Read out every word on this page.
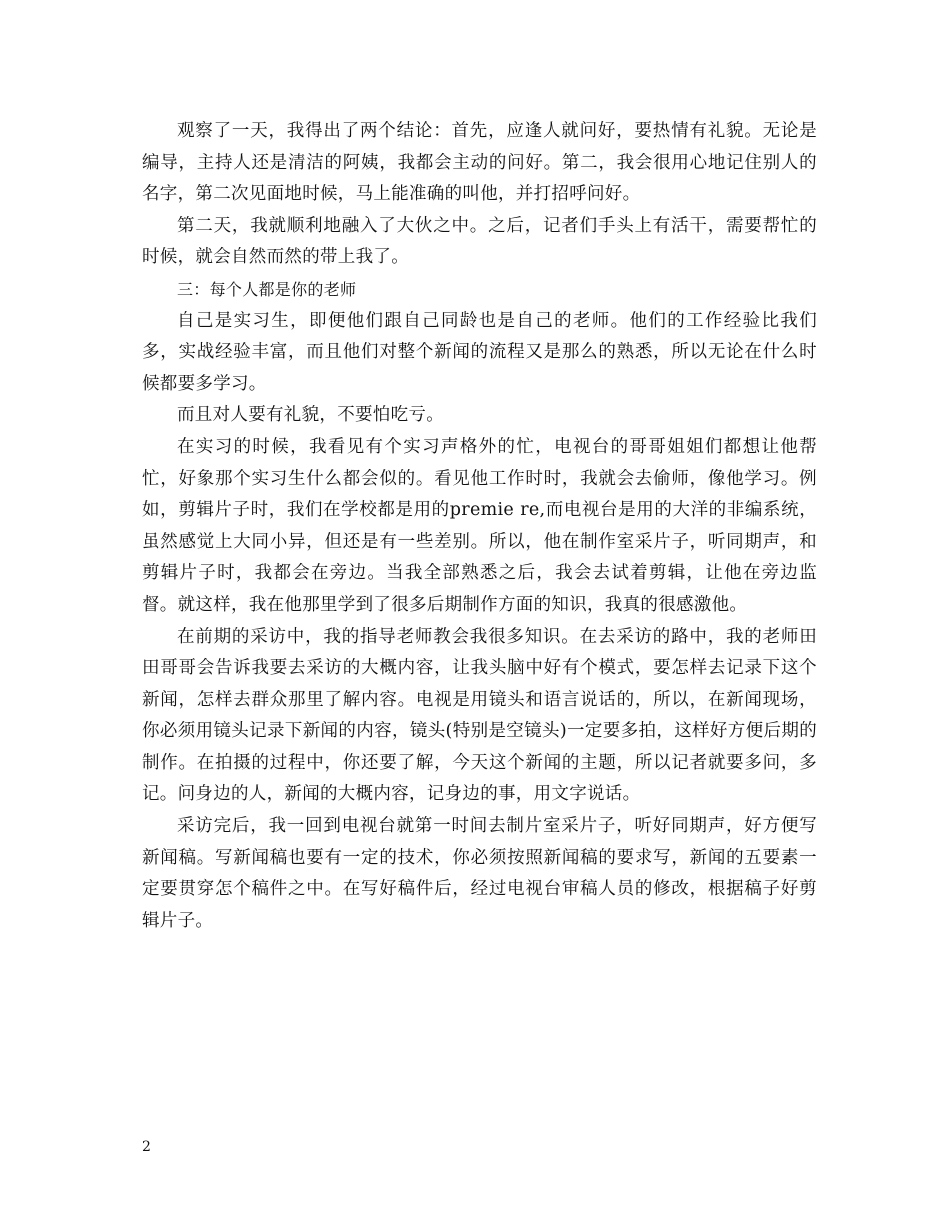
观察了一天，我得出了两个结论：首先，应逢人就问好，要热情有礼貌。无论是编导，主持人还是清洁的阿姨，我都会主动的问好。第二，我会很用心地记住别人的名字，第二次见面地时候，马上能准确的叫他，并打招呼问好。

第二天，我就顺利地融入了大伙之中。之后，记者们手头上有活干，需要帮忙的时候，就会自然而然的带上我了。

三：每个人都是你的老师

自己是实习生，即便他们跟自己同龄也是自己的老师。他们的工作经验比我们多，实战经验丰富，而且他们对整个新闻的流程又是那么的熟悉，所以无论在什么时候都要多学习。

而且对人要有礼貌，不要怕吃亏。

在实习的时候，我看见有个实习声格外的忙，电视台的哥哥姐姐们都想让他帮忙，好象那个实习生什么都会似的。看见他工作时时，我就会去偷师，像他学习。例如，剪辑片子时，我们在学校都是用的premie re,而电视台是用的大洋的非编系统，虽然感觉上大同小异，但还是有一些差别。所以，他在制作室采片子，听同期声，和剪辑片子时，我都会在旁边。当我全部熟悉之后，我会去试着剪辑，让他在旁边监督。就这样，我在他那里学到了很多后期制作方面的知识，我真的很感激他。

在前期的采访中，我的指导老师教会我很多知识。在去采访的路中，我的老师田田哥哥会告诉我要去采访的大概内容，让我头脑中好有个模式，要怎样去记录下这个新闻，怎样去群众那里了解内容。电视是用镜头和语言说话的，所以，在新闻现场，你必须用镜头记录下新闻的内容，镜头(特别是空镜头)一定要多拍，这样好方便后期的制作。在拍摄的过程中，你还要了解，今天这个新闻的主题，所以记者就要多问，多记。问身边的人，新闻的大概内容，记身边的事，用文字说话。

采访完后，我一回到电视台就第一时间去制片室采片子，听好同期声，好方便写新闻稿。写新闻稿也要有一定的技术，你必须按照新闻稿的要求写，新闻的五要素一定要贯穿怎个稿件之中。在写好稿件后，经过电视台审稿人员的修改，根据稿子好剪辑片子。

2
